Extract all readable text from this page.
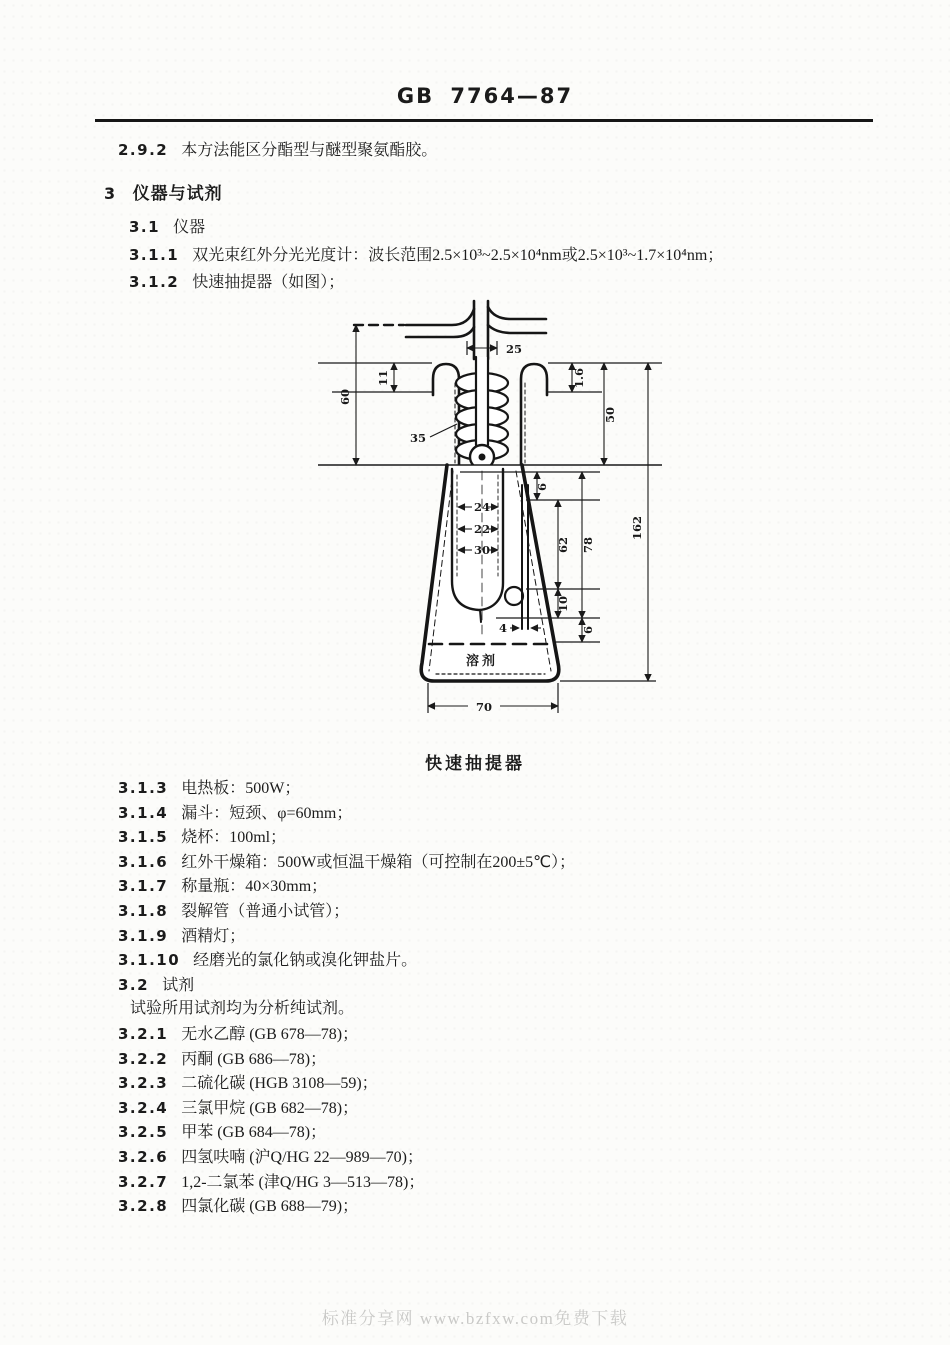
GB 7764—87
2.9.2 本方法能区分酯型与醚型聚氨酯胶。
3 仪器与试剂
3.1 仪器
3.1.1 双光束红外分光光度计：波长范围2.5×10³~2.5×10⁴nm或2.5×10³~1.7×10⁴nm；
3.1.2 快速抽提器（如图）；
25
11
60
1.6
50
35
6
24
22
30	62 78
10
6
4
162
70
溶剂
快速抽提器
3.1.3 电热板：500W；
3.1.4 漏斗：短颈、φ=60mm；
3.1.5 烧杯：100ml；
3.1.6 红外干燥箱：500W或恒温干燥箱（可控制在200±5℃）；
3.1.7 称量瓶：40×30mm；
3.1.8 裂解管（普通小试管）；
3.1.9 酒精灯；
3.1.10 经磨光的氯化钠或溴化钾盐片。
3.2 试剂
试验所用试剂均为分析纯试剂。
3.2.1 无水乙醇 (GB 678—78)；
3.2.2 丙酮 (GB 686—78)；
3.2.3 二硫化碳 (HGB 3108—59)；
3.2.4 三氯甲烷 (GB 682—78)；
3.2.5 甲苯 (GB 684—78)；
3.2.6 四氢呋喃 (沪Q/HG 22—989—70)；
3.2.7 1,2-二氯苯 (津Q/HG 3—513—78)；
3.2.8 四氯化碳 (GB 688—79)；
标准分享网 www.bzfxw.com免费下载
